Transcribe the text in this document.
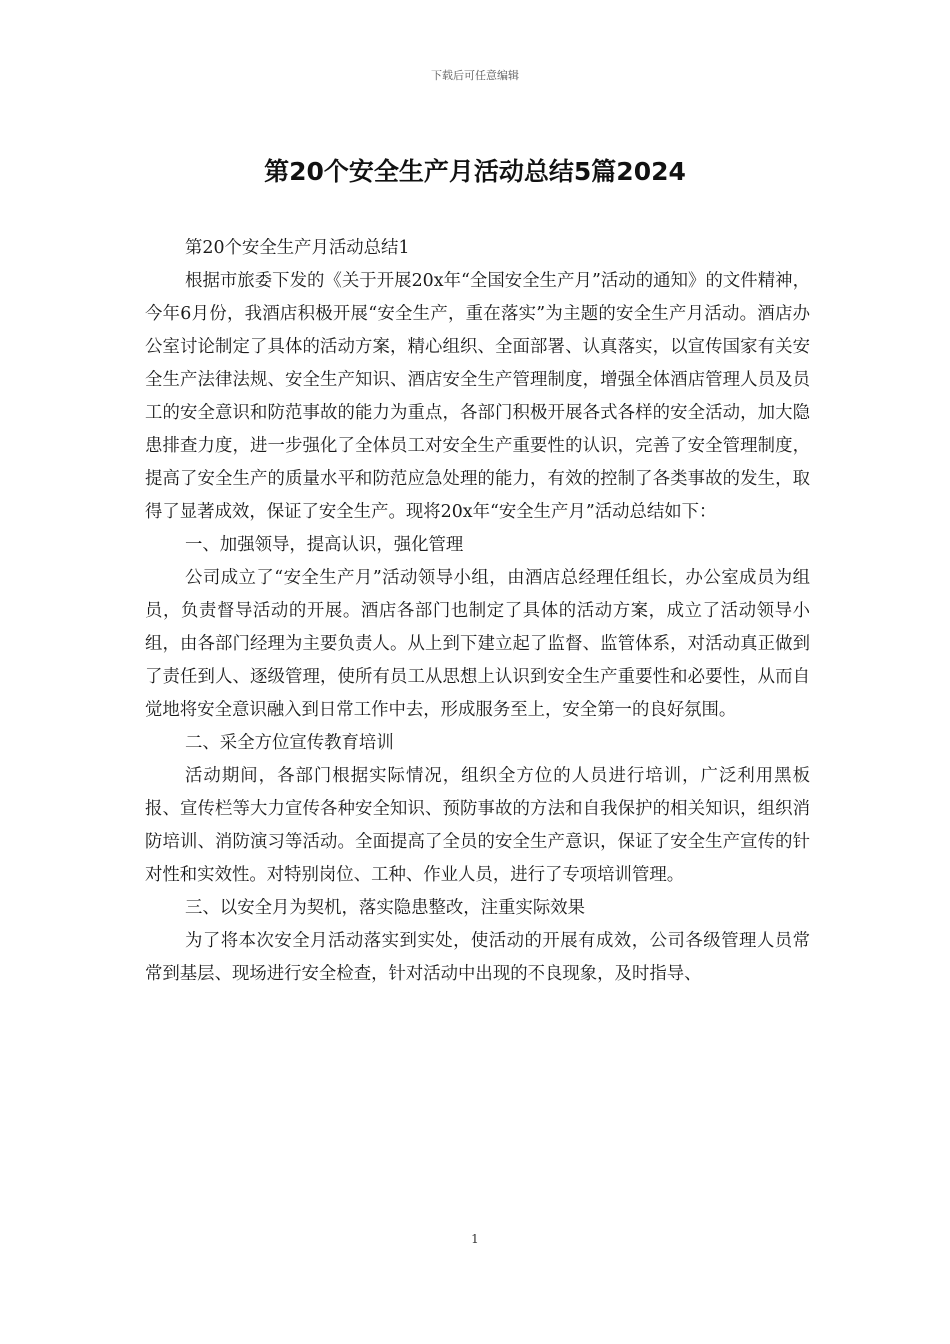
下载后可任意编辑
第20个安全生产月活动总结5篇2024

第20个安全生产月活动总结1

根据市旅委下发的《关于开展20x年“全国安全生产月”活动的通知》的文件精神，今年6月份，我酒店积极开展“安全生产，重在落实”为主题的安全生产月活动。酒店办公室讨论制定了具体的活动方案，精心组织、全面部署、认真落实，以宣传国家有关安全生产法律法规、安全生产知识、酒店安全生产管理制度，增强全体酒店管理人员及员工的安全意识和防范事故的能力为重点，各部门积极开展各式各样的安全活动，加大隐患排查力度，进一步强化了全体员工对安全生产重要性的认识，完善了安全管理制度，提高了安全生产的质量水平和防范应急处理的能力，有效的控制了各类事故的发生，取得了显著成效，保证了安全生产。现将20x年“安全生产月”活动总结如下：

一、加强领导，提高认识，强化管理

公司成立了“安全生产月”活动领导小组，由酒店总经理任组长，办公室成员为组员，负责督导活动的开展。酒店各部门也制定了具体的活动方案，成立了活动领导小组，由各部门经理为主要负责人。从上到下建立起了监督、监管体系，对活动真正做到了责任到人、逐级管理，使所有员工从思想上认识到安全生产重要性和必要性，从而自觉地将安全意识融入到日常工作中去，形成服务至上，安全第一的良好氛围。

二、采全方位宣传教育培训

活动期间，各部门根据实际情况，组织全方位的人员进行培训，广泛利用黑板报、宣传栏等大力宣传各种安全知识、预防事故的方法和自我保护的相关知识，组织消防培训、消防演习等活动。全面提高了全员的安全生产意识，保证了安全生产宣传的针对性和实效性。对特别岗位、工种、作业人员，进行了专项培训管理。

三、以安全月为契机，落实隐患整改，注重实际效果

为了将本次安全月活动落实到实处，使活动的开展有成效，公司各级管理人员常常到基层、现场进行安全检查，针对活动中出现的不良现象，及时指导、

1
